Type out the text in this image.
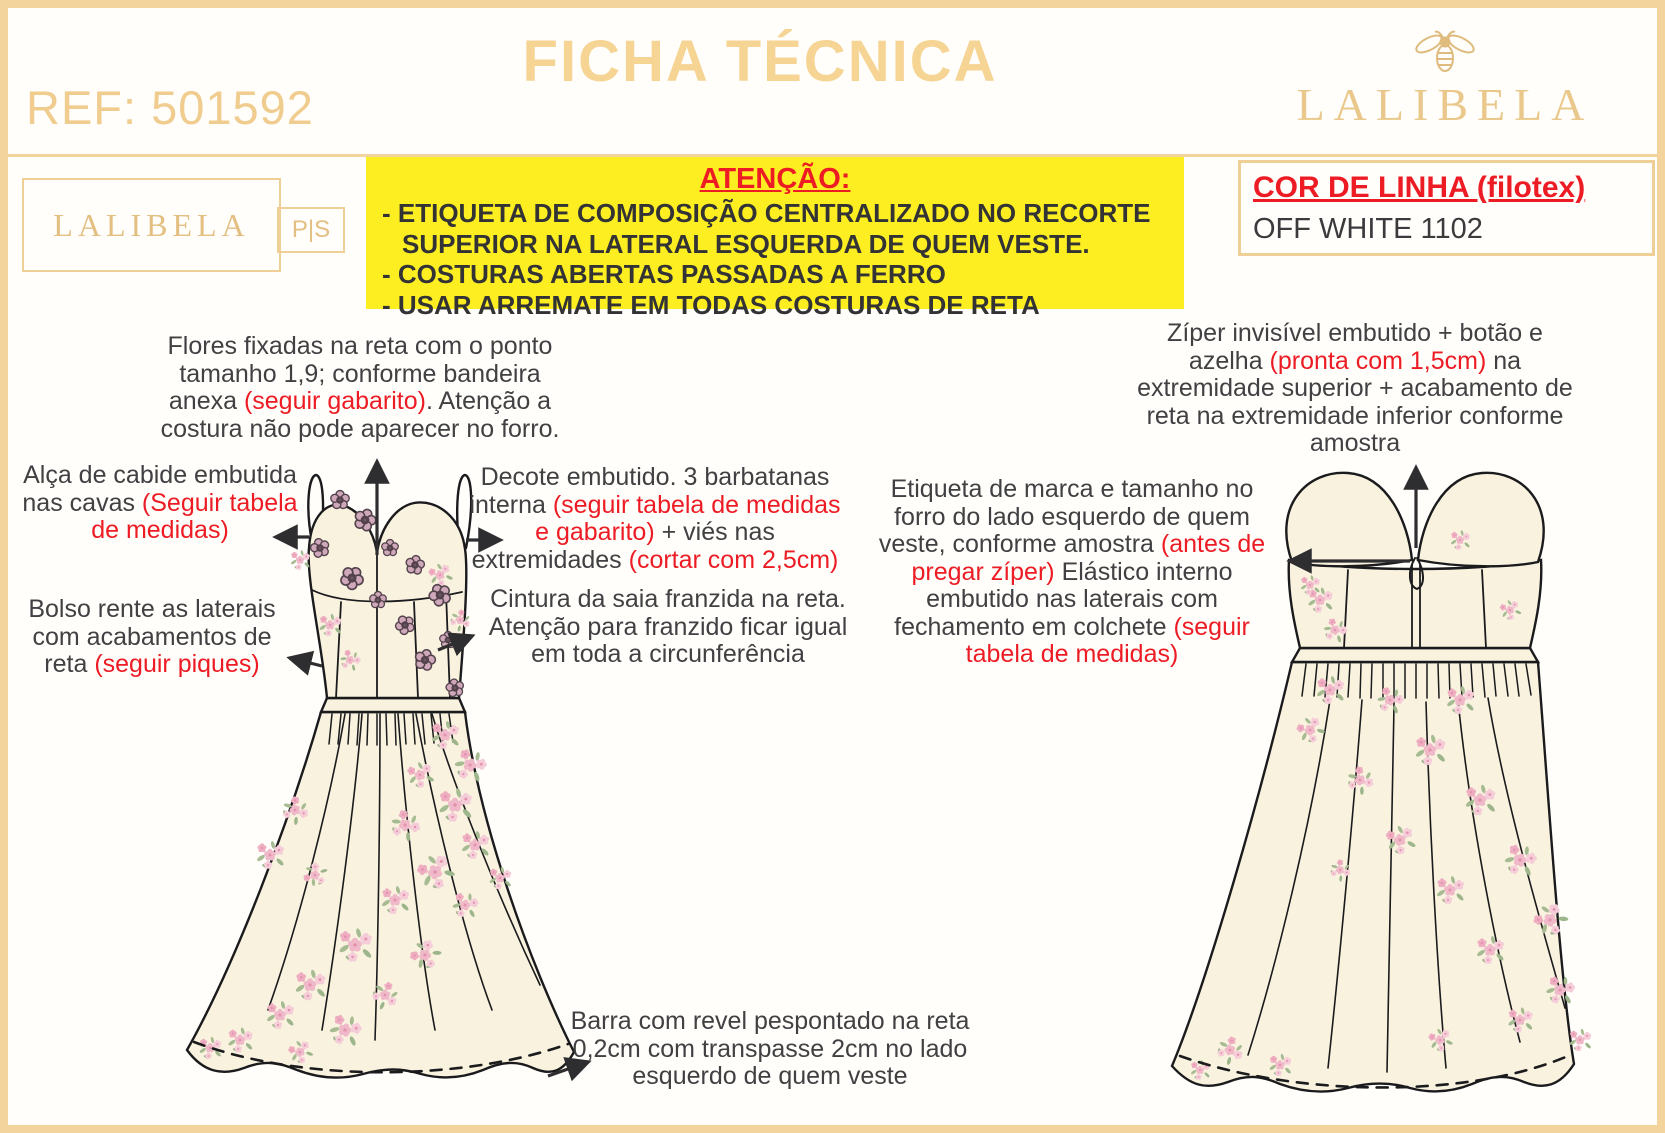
REF: 501592
FICHA TÉCNICA
LALIBELA
LALIBELA	P|S
ATENÇÃO:
- ETIQUETA DE COMPOSIÇÃO CENTRALIZADO NO RECORTE SUPERIOR NA LATERAL ESQUERDA DE QUEM VESTE.
- COSTURAS ABERTAS PASSADAS A FERRO
- USAR ARREMATE EM TODAS COSTURAS DE RETA
COR DE LINHA (filotex)
OFF WHITE 1102
Flores fixadas na reta com o ponto tamanho 1,9; conforme bandeira anexa (seguir gabarito). Atenção a costura não pode aparecer no forro.
Alça de cabide embutida nas cavas (Seguir tabela de medidas)
Bolso rente as laterais com acabamentos de reta (seguir piques)
Decote embutido. 3 barbatanas interna (seguir tabela de medidas e gabarito) + viés nas extremidades (cortar com 2,5cm)
Cintura da saia franzida na reta. Atenção para franzido ficar igual em toda a circunferência
Zíper invisível embutido + botão e azelha (pronta com 1,5cm) na extremidade superior + acabamento de reta na extremidade inferior conforme amostra
Etiqueta de marca e tamanho no forro do lado esquerdo de quem veste, conforme amostra (antes de pregar zíper) Elástico interno embutido nas laterais com fechamento em colchete (seguir tabela de medidas)
Barra com revel pespontado na reta 0,2cm com transpasse 2cm no lado esquerdo de quem veste
